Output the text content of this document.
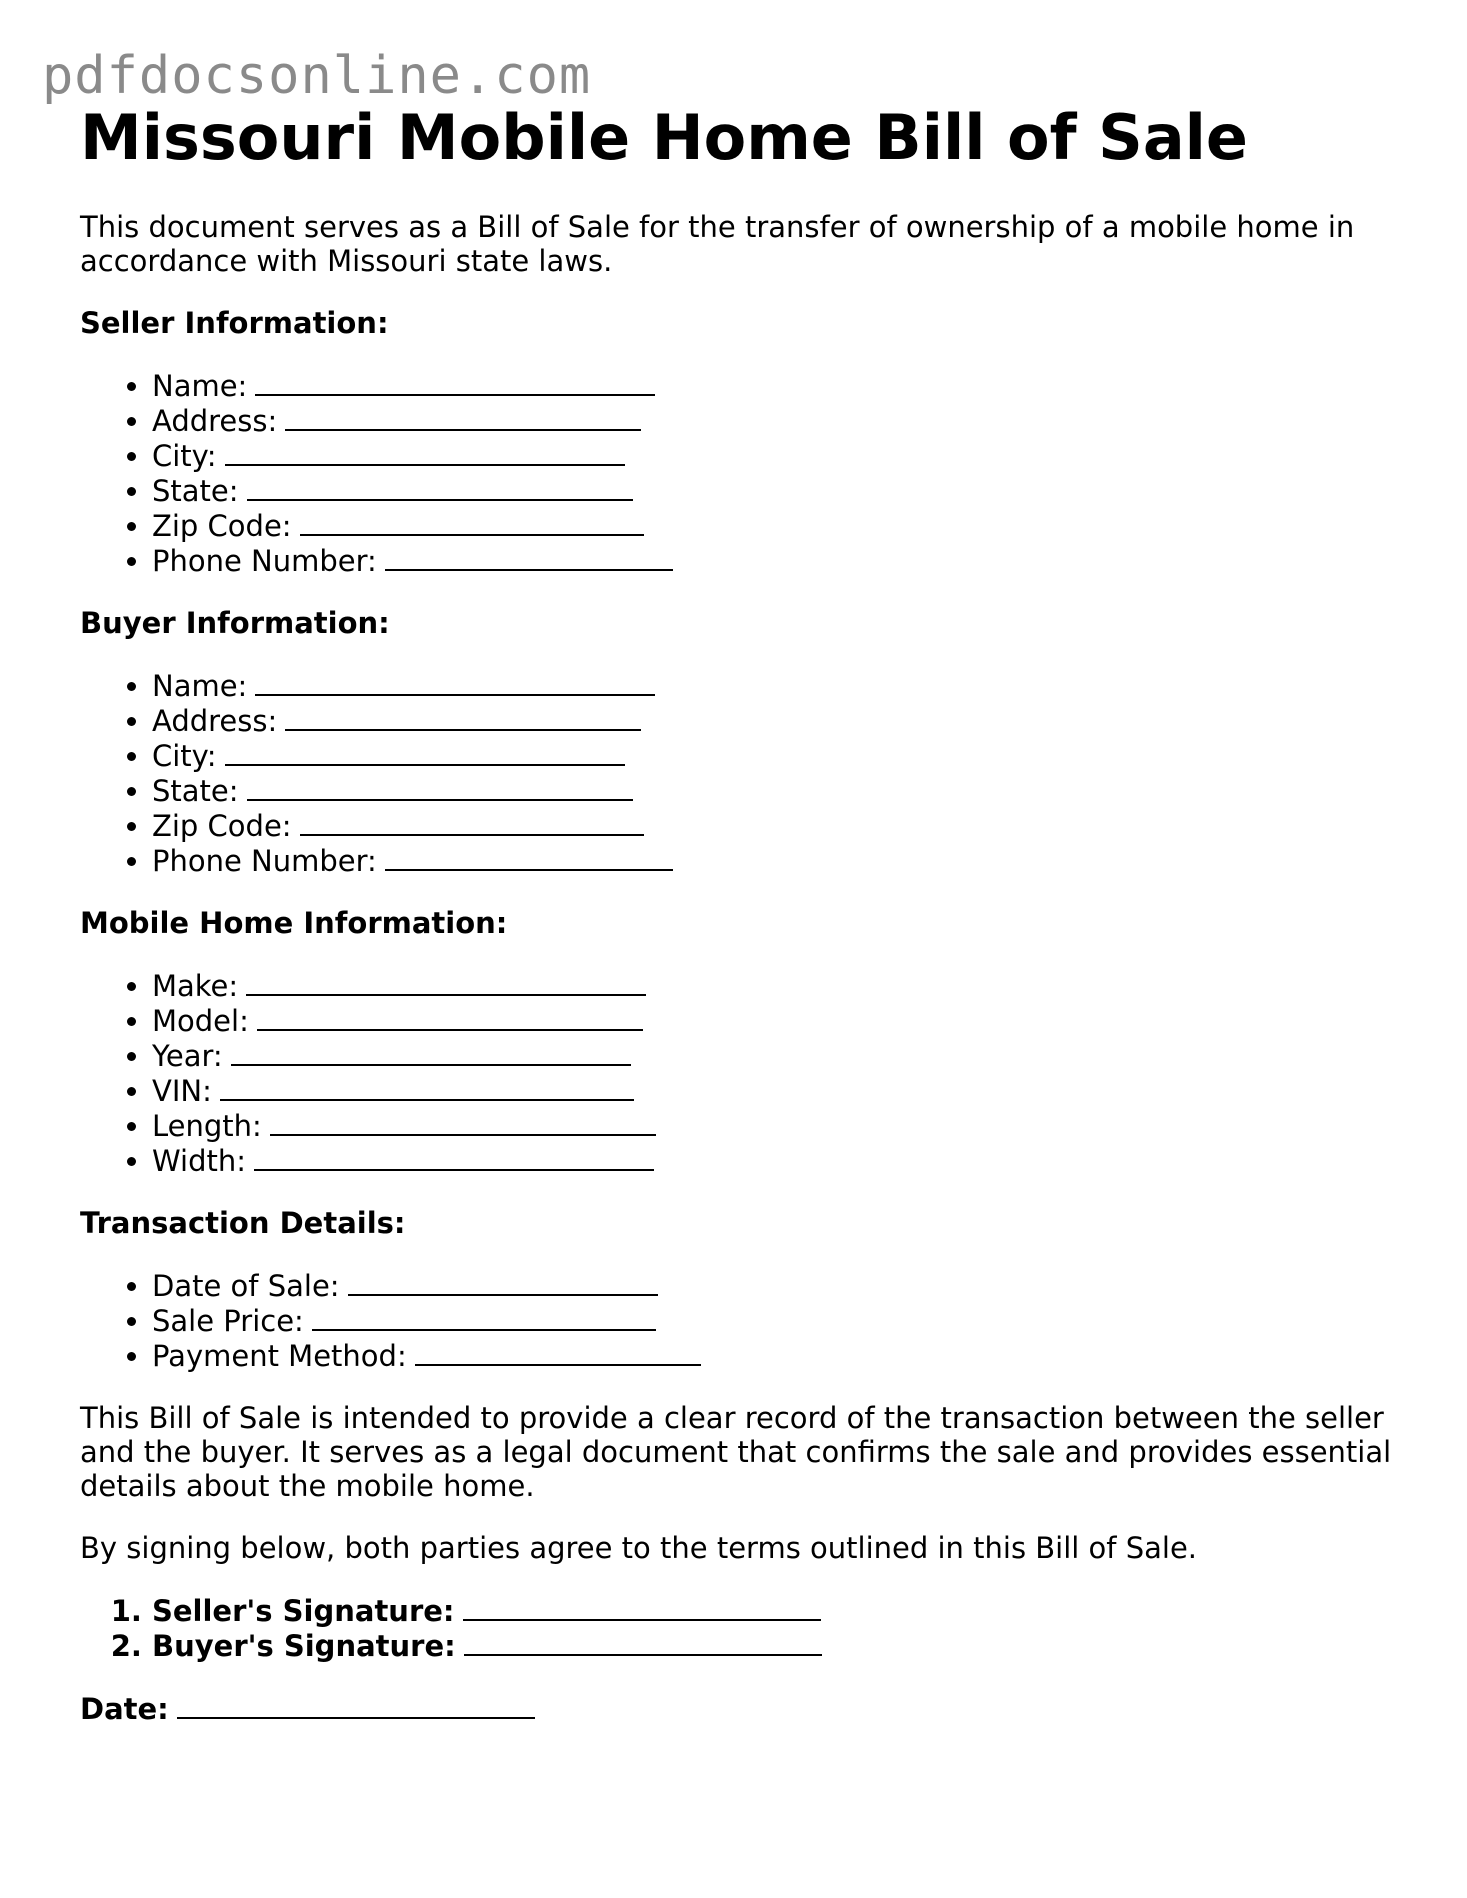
pdfdocsonline.com
Missouri Mobile Home Bill of Sale

This document serves as a Bill of Sale for the transfer of ownership of a mobile home in accordance with Missouri state laws.

Seller Information:
• Name:
• Address:
• City:
• State:
• Zip Code:
• Phone Number:
Buyer Information:
• Name:
• Address:
• City:
• State:
• Zip Code:
• Phone Number:
Mobile Home Information:
• Make:
• Model:
• Year:
• VIN:
• Length:
• Width:
Transaction Details:
• Date of Sale:
• Sale Price:
• Payment Method:

This Bill of Sale is intended to provide a clear record of the transaction between the seller and the buyer. It serves as a legal document that confirms the sale and provides essential details about the mobile home.

By signing below, both parties agree to the terms outlined in this Bill of Sale.

1. Seller's Signature:
2. Buyer's Signature:
Date:
